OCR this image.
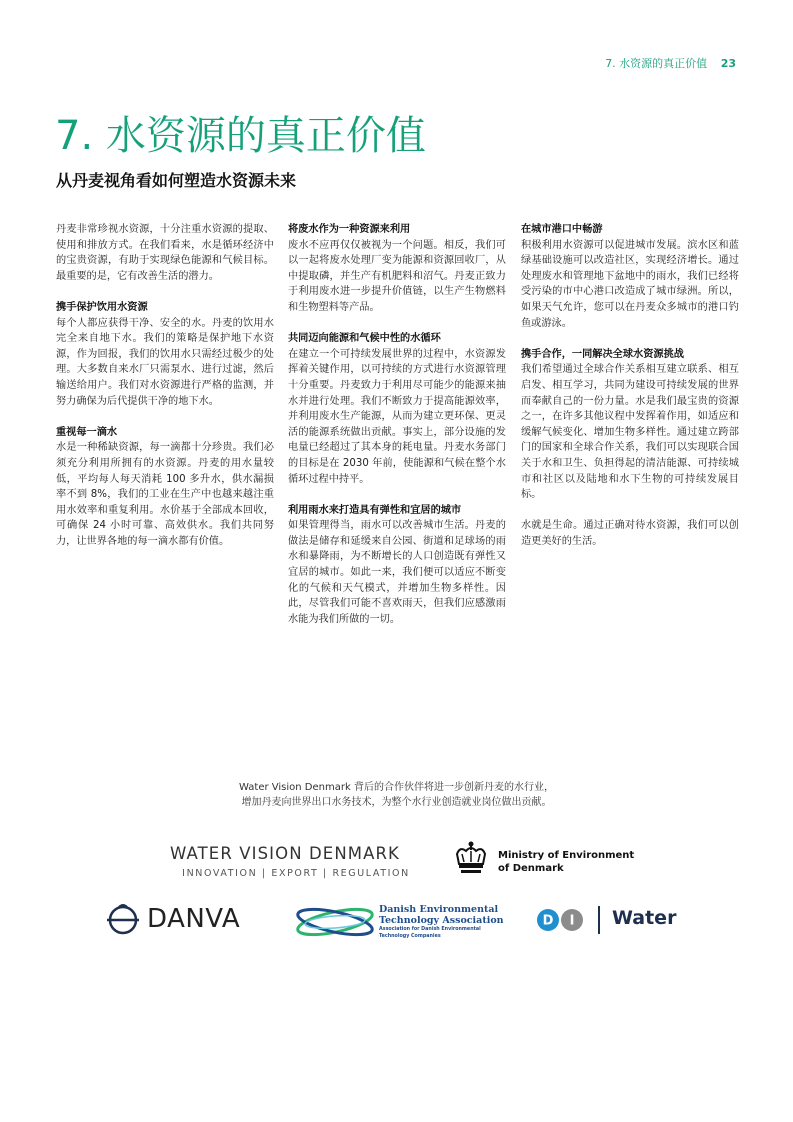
7. 水资源的真正价值 23
7. 水资源的真正价值
从丹麦视角看如何塑造水资源未来

丹麦非常珍视水资源，十分注重水资源的提取、使用和排放方式。在我们看来，水是循环经济中的宝贵资源，有助于实现绿色能源和气候目标。最重要的是，它有改善生活的潜力。

携手保护饮用水资源

每个人都应获得干净、安全的水。丹麦的饮用水完全来自地下水。我们的策略是保护地下水资源，作为回报，我们的饮用水只需经过极少的处理。大多数自来水厂只需泵水、进行过滤，然后输送给用户。我们对水资源进行严格的监测，并努力确保为后代提供干净的地下水。

重视每一滴水

水是一种稀缺资源，每一滴都十分珍贵。我们必须充分利用所拥有的水资源。丹麦的用水量较低，平均每人每天消耗 100 多升水，供水漏损率不到 8%，我们的工业在生产中也越来越注重用水效率和重复利用。水价基于全部成本回收，可确保 24 小时可靠、高效供水。我们共同努力，让世界各地的每一滴水都有价值。

将废水作为一种资源来利用

废水不应再仅仅被视为一个问题。相反，我们可以一起将废水处理厂变为能源和资源回收厂，从中提取磷，并生产有机肥料和沼气。丹麦正致力于利用废水进一步提升价值链，以生产生物燃料和生物塑料等产品。

共同迈向能源和气候中性的水循环

在建立一个可持续发展世界的过程中，水资源发挥着关键作用，以可持续的方式进行水资源管理十分重要。丹麦致力于利用尽可能少的能源来抽水并进行处理。我们不断致力于提高能源效率，并利用废水生产能源，从而为建立更环保、更灵活的能源系统做出贡献。事实上，部分设施的发电量已经超过了其本身的耗电量。丹麦水务部门的目标是在 2030 年前，使能源和气候在整个水循环过程中持平。

利用雨水来打造具有弹性和宜居的城市

如果管理得当，雨水可以改善城市生活。丹麦的做法是储存和延缓来自公园、街道和足球场的雨水和暴降雨，为不断增长的人口创造既有弹性又宜居的城市。如此一来，我们便可以适应不断变化的气候和天气模式，并增加生物多样性。因此，尽管我们可能不喜欢雨天，但我们应感激雨水能为我们所做的一切。

在城市港口中畅游

积极利用水资源可以促进城市发展。滨水区和蓝绿基础设施可以改造社区，实现经济增长。通过处理废水和管理地下盆地中的雨水，我们已经将受污染的市中心港口改造成了城市绿洲。所以，如果天气允许，您可以在丹麦众多城市的港口钓鱼或游泳。

携手合作，一同解决全球水资源挑战

我们希望通过全球合作关系相互建立联系、相互启发、相互学习，共同为建设可持续发展的世界而奉献自己的一份力量。水是我们最宝贵的资源之一，在许多其他议程中发挥着作用，如适应和缓解气候变化、增加生物多样性。通过建立跨部门的国家和全球合作关系，我们可以实现联合国关于水和卫生、负担得起的清洁能源、可持续城市和社区以及陆地和水下生物的可持续发展目标。

水就是生命。通过正确对待水资源，我们可以创造更美好的生活。

Water Vision Denmark 背后的合作伙伴将进一步创新丹麦的水行业，
增加丹麦向世界出口水务技术，为整个水行业创造就业岗位做出贡献。
WATER VISION DENMARK
INNOVATION | EXPORT | REGULATION
Ministry of Environment
of Denmark
DANVA	Danish Environmental
Technology Association
Association for Danish Environmental
Technology Companies
D I Water
